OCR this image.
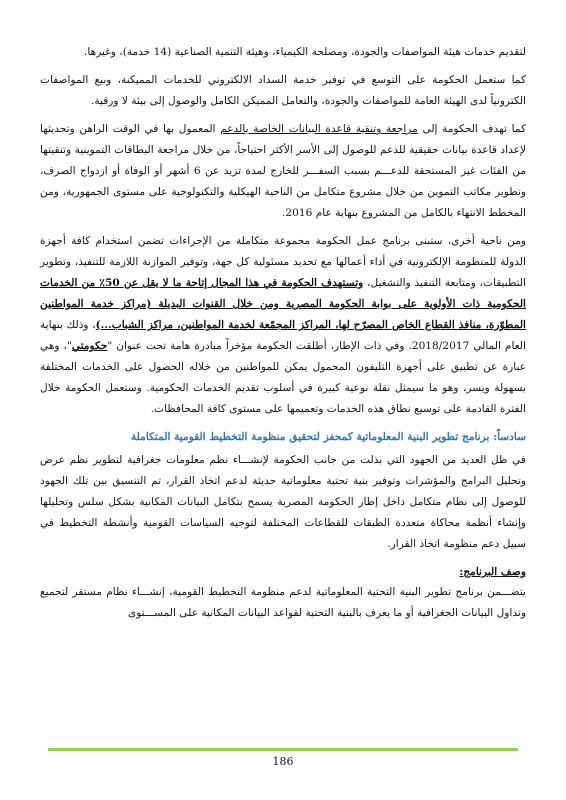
لتقديم خدمات هيئة المواصفات والجودة، ومصلحة الكيمياء، وهيئة التنمية الصناعية (14 خدمة)، وغيرها.

كما ستعمل الحكومة على التوسع في توفير خدمة السداد الالكتروني للخدمات المميكنة، وبيع المواصفات الكترونياً لدى الهيئة العامة للمواصفات والجودة، والتعامل المميكن الكامل والوصول إلى بيئة لا ورقية.

كما تهدف الحكومة إلى مراجعة وتنقية قاعدة البيانات الخاصة بالدعم المعمول بها في الوقت الراهن وتحديثها لإعداد قاعدة بيانات حقيقية للدعم للوصول إلى الأسر الأكثر احتياجاً، من خلال مراجعة البطاقات التموينية وتنقيتها من الفئات غير المستحقة للدعـــم بسبب السفـــر للخارج لمدة تزيد عن 6 أشهر أو الوفاة أو ازدواج الصرف، وتطوير مكاتب التموين من خلال مشروع متكامل من الناحية الهيكلية والتكنولوجية على مستوى الجمهورية، ومن المخطط الانتهاء بالكامل من المشروع بنهاية عام 2016.

ومن ناحية أخرى، ستبنى برنامج عمل الحكومة مجموعة متكاملة من الإجراءات تضمن استخدام كافة أجهزة الدولة للمنظومة الإلكترونية في أداء أعمالها مع تحديد مسئولية كل جهة، وتوفير الموازنة اللازمة للتنفيذ، وتطوير التطبيقات، ومتابعة التنفيذ والتشغيل، وتستهدف الحكومة في هذا المجال إتاحة ما لا يقل عن 50٪ من الخدمات الحكومية ذات الأولوية على بوابة الحكومة المصرية ومن خلال القنوات البديلة (مراكز خدمة المواطنين المطوّرة، منافذ القطاع الخاص المصرّح لها، المراكز المجمّعة لخدمة المواطنين، مراكز الشباب...)، وذلك بنهاية العام المالي 2018/2017. وفي ذات الإطار، أطلقت الحكومة مؤخراً مبادرة هامة تحت عنوان "حكومتي"، وهي عبارة عن تطبيق على أجهزة التليفون المحمول يمكن للمواطنين من خلاله الحصول على الخدمات المختلفة بسهولة ويسر، وهو ما سيمثل نقلة نوعية كبيرة في أسلوب تقديم الخدمات الحكومية. وستعمل الحكومة خلال الفترة القادمة على توسيع نطاق هذه الخدمات وتعميمها على مستوى كافة المحافظات.

سادساً: برنامج تطوير البنية المعلوماتية كمحفز لتحقيق منظومة التخطيط القومية المتكاملة

في ظل العديد من الجهود التي بذلت من جانب الحكومة لإنشـــاء نظم معلومات جغرافية لتطوير نظم عرض وتحليل البرامج والمؤشرات وتوفير بنية تحتية معلوماتية حديثة لدعم اتخاذ القرار، تم التنسيق بين تلك الجهود للوصول إلى نظام متكامل داخل إطار الحكومة المصرية يسمح بتكامل البيانات المكانية بشكل سلس وتحليلها وإنشاء أنظمة محاكاة متعددة الطبقات للقطاعات المختلفة لتوجيه السياسات القومية وأنشطة التخطيط في سبيل دعم منظومة اتخاذ القرار.

وصف البرنامج:

يتضـــمن برنامج تطوير البنية التحتية المعلوماتية لدعم منظومة التخطيط القومية، إنشـــاء نظام مستقر لتجميع وتداول البيانات الجغرافية أو ما يعرف بالبنية التحتية لقواعد البيانات المكانية على المســـتوى

186
